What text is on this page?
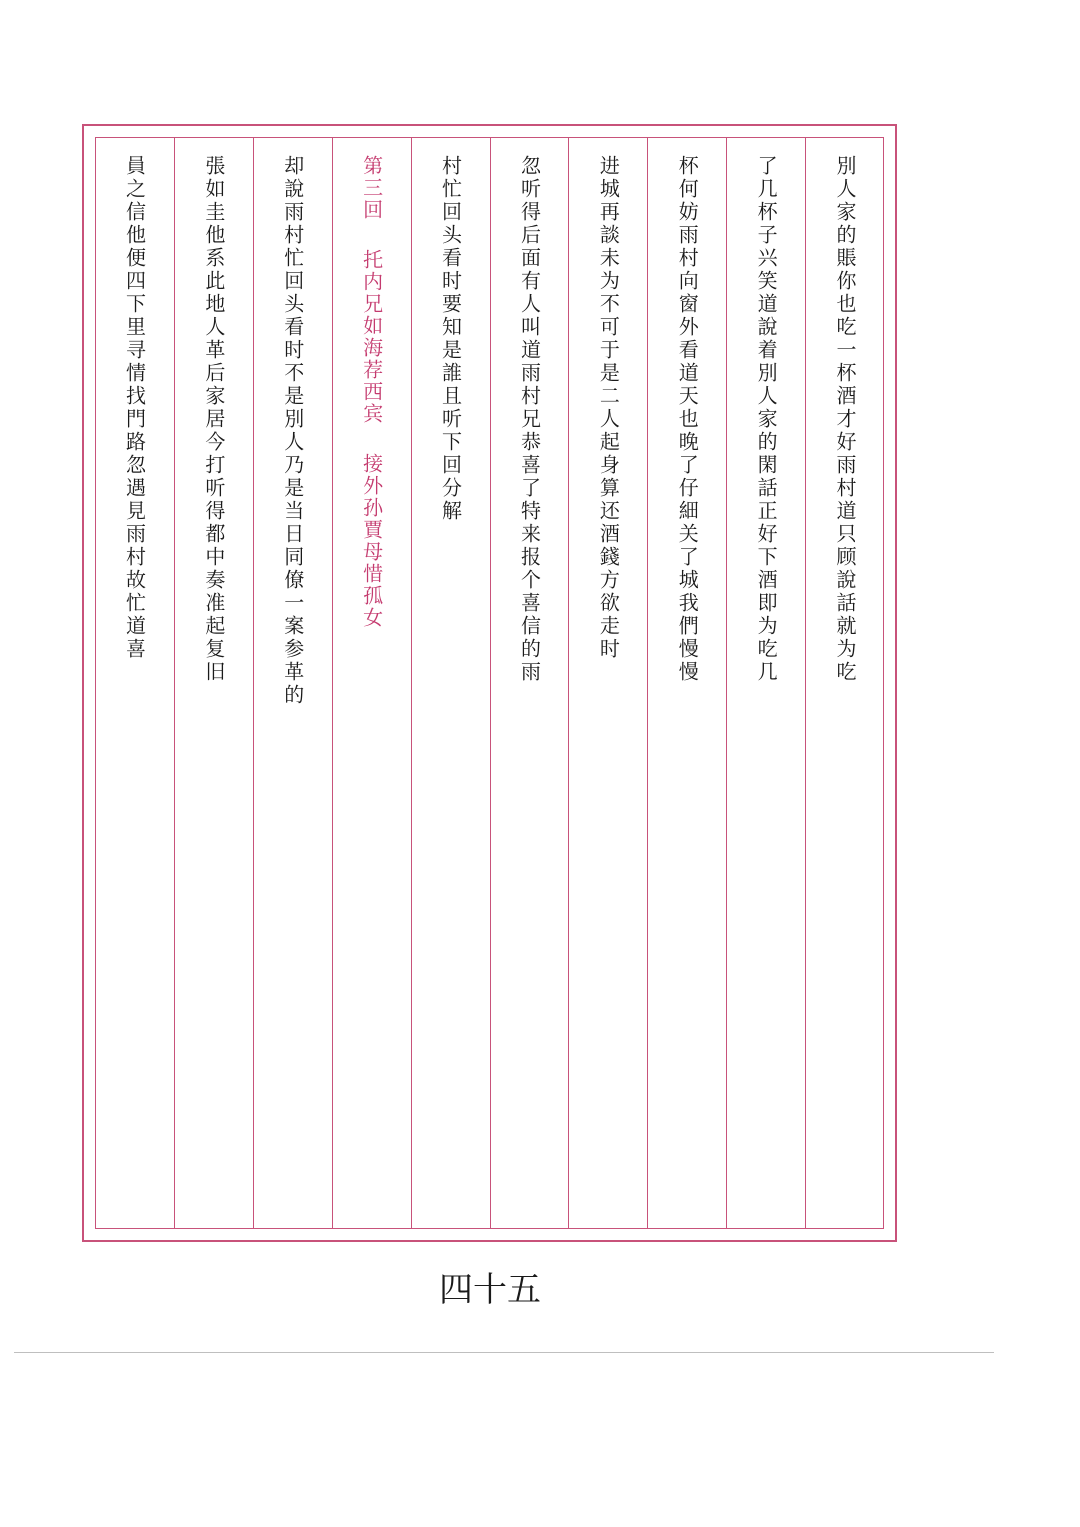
別人家的賬你也吃一杯酒才好雨村道只顾說話就为吃
了几杯子兴笑道說着別人家的閑話正好下酒即为吃几
杯何妨雨村向窗外看道天也晚了仔細关了城我們慢慢
进城再談未为不可于是二人起身算还酒錢方欲走时
忽听得后面有人叫道雨村兄恭喜了特来报个喜信的雨
村忙回头看时要知是誰且听下回分解
第三回托内兄如海荐西宾接外孙賈母惜孤女
却說雨村忙回头看时不是別人乃是当日同僚一案参革的
張如圭他系此地人革后家居今打听得都中奏准起复旧
四十五
員之信他便四下里寻情找門路忽遇見雨村故忙道喜
